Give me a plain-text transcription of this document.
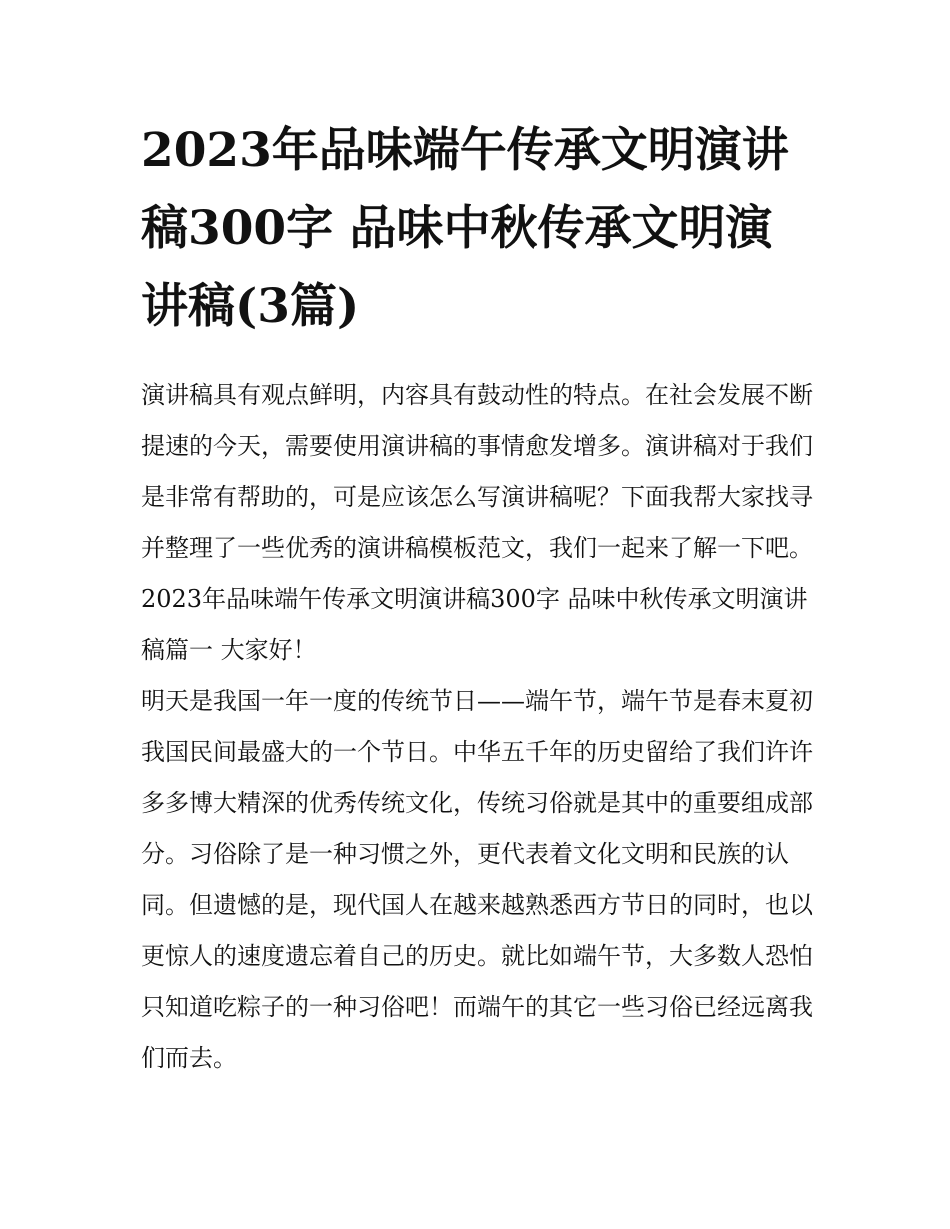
2023年品味端午传承文明演讲稿300字 品味中秋传承文明演讲稿(3篇)

演讲稿具有观点鲜明，内容具有鼓动性的特点。在社会发展不断提速的今天，需要使用演讲稿的事情愈发增多。演讲稿对于我们是非常有帮助的，可是应该怎么写演讲稿呢？下面我帮大家找寻并整理了一些优秀的演讲稿模板范文，我们一起来了解一下吧。

2023年品味端午传承文明演讲稿300字 品味中秋传承文明演讲稿篇一 大家好！

明天是我国一年一度的传统节日——端午节，端午节是春末夏初我国民间最盛大的一个节日。中华五千年的历史留给了我们许许多多博大精深的优秀传统文化，传统习俗就是其中的重要组成部分。习俗除了是一种习惯之外，更代表着文化文明和民族的认同。但遗憾的是，现代国人在越来越熟悉西方节日的同时，也以更惊人的速度遗忘着自己的历史。就比如端午节，大多数人恐怕只知道吃粽子的一种习俗吧！而端午的其它一些习俗已经远离我们而去。
